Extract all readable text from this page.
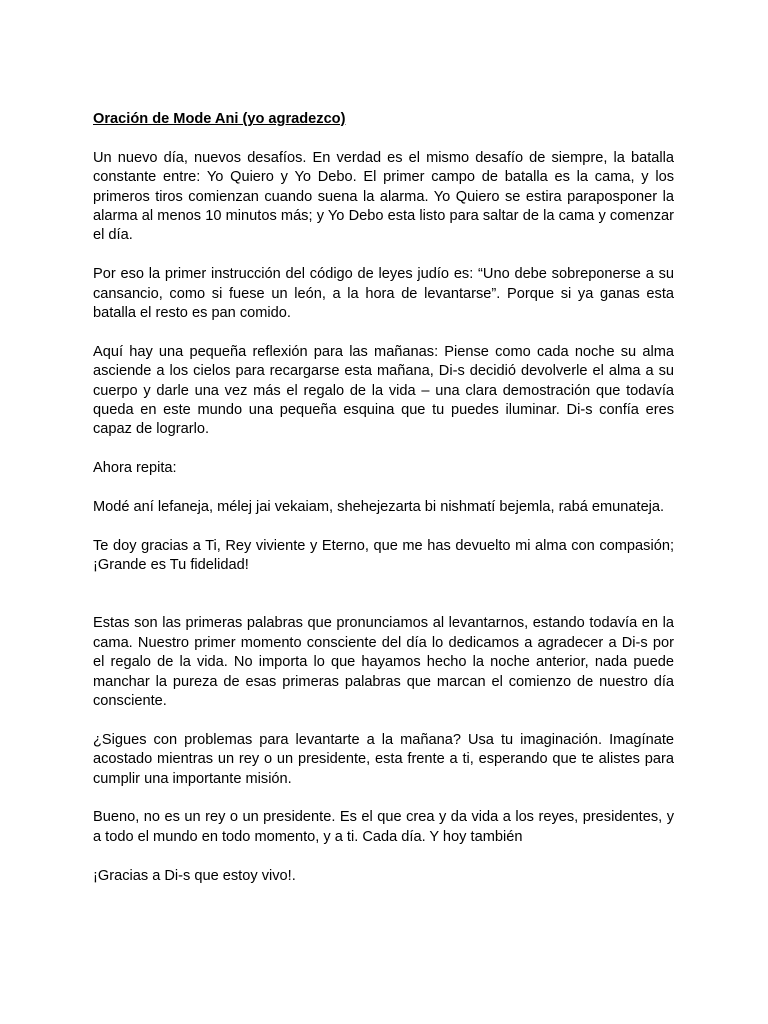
Oración de Mode Ani (yo agradezco)

Un nuevo día, nuevos desafíos. En verdad es el mismo desafío de siempre, la batalla constante entre: Yo Quiero y Yo Debo. El primer campo de batalla es la cama, y los primeros tiros comienzan cuando suena la alarma. Yo Quiero se estira paraposponer la alarma al menos 10 minutos más; y Yo Debo esta listo para saltar de la cama y comenzar el día.

Por eso la primer instrucción del código de leyes judío es: “Uno debe sobreponerse a su cansancio, como si fuese un león, a la hora de levantarse”. Porque si ya ganas esta batalla el resto es pan comido.

Aquí hay una pequeña reflexión para las mañanas: Piense como cada noche su alma asciende a los cielos para recargarse esta mañana, Di-s decidió devolverle el alma a su cuerpo y darle una vez más el regalo de la vida – una clara demostración que todavía queda en este mundo una pequeña esquina que tu puedes iluminar. Di-s confía eres capaz de lograrlo.

Ahora repita:

Modé aní lefaneja, mélej jai vekaiam, shehejezarta bi nishmatí bejemla, rabá emunateja.

Te doy gracias a Ti, Rey viviente y Eterno, que me has devuelto mi alma con compasión;¡Grande es Tu fidelidad!

Estas son las primeras palabras que pronunciamos al levantarnos, estando todavía en la cama. Nuestro primer momento consciente del día lo dedicamos a agradecer a Di-s por el regalo de la vida. No importa lo que hayamos hecho la noche anterior, nada puede manchar la pureza de esas primeras palabras que marcan el comienzo de nuestro día consciente.

¿Sigues con problemas para levantarte a la mañana? Usa tu imaginación. Imagínate acostado mientras un rey o un presidente, esta frente a ti, esperando que te alistes para cumplir una importante misión.

Bueno, no es un rey o un presidente. Es el que crea y da vida a los reyes, presidentes, y a todo el mundo en todo momento, y a ti. Cada día. Y hoy también

¡Gracias a Di-s que estoy vivo!.
